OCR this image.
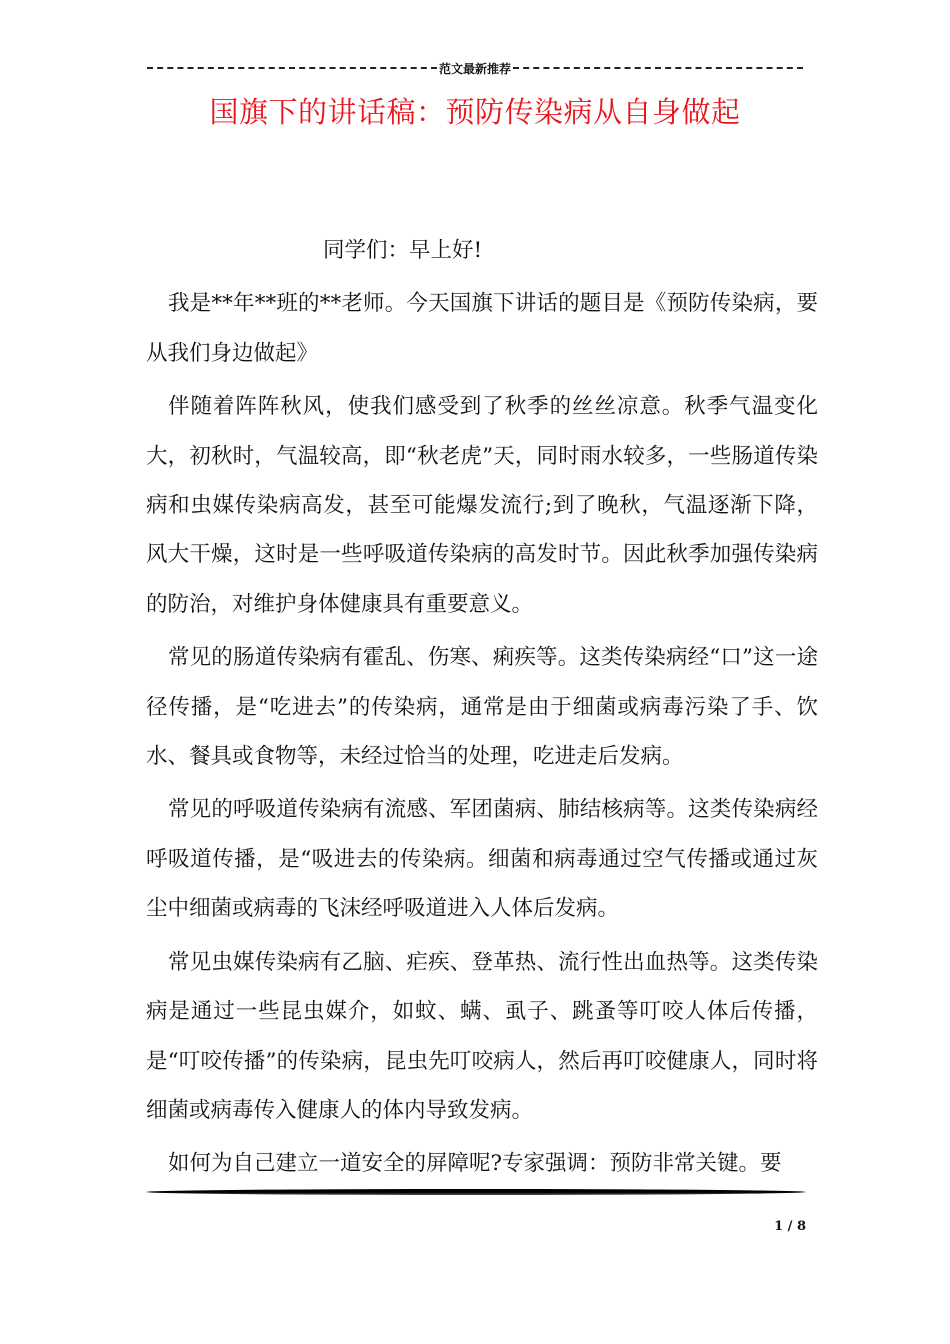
范文最新推荐
国旗下的讲话稿：预防传染病从自身做起
同学们：早上好!
我是**年**班的**老师。今天国旗下讲话的题目是《预防传染病，要从我们身边做起》
伴随着阵阵秋风，使我们感受到了秋季的丝丝凉意。秋季气温变化大，初秋时，气温较高，即“秋老虎”天，同时雨水较多，一些肠道传染病和虫媒传染病高发，甚至可能爆发流行;到了晚秋，气温逐渐下降，风大干燥，这时是一些呼吸道传染病的高发时节。因此秋季加强传染病的防治，对维护身体健康具有重要意义。
常见的肠道传染病有霍乱、伤寒、痢疾等。这类传染病经“口”这一途径传播，是“吃进去”的传染病，通常是由于细菌或病毒污染了手、饮水、餐具或食物等，未经过恰当的处理，吃进走后发病。
常见的呼吸道传染病有流感、军团菌病、肺结核病等。这类传染病经呼吸道传播，是“吸进去的传染病。细菌和病毒通过空气传播或通过灰尘中细菌或病毒的飞沫经呼吸道进入人体后发病。
常见虫媒传染病有乙脑、疟疾、登革热、流行性出血热等。这类传染病是通过一些昆虫媒介，如蚊、螨、虱子、跳蚤等叮咬人体后传播，是“叮咬传播”的传染病，昆虫先叮咬病人，然后再叮咬健康人，同时将细菌或病毒传入健康人的体内导致发病。
如何为自己建立一道安全的屏障呢?专家强调：预防非常关键。要
1 / 8
